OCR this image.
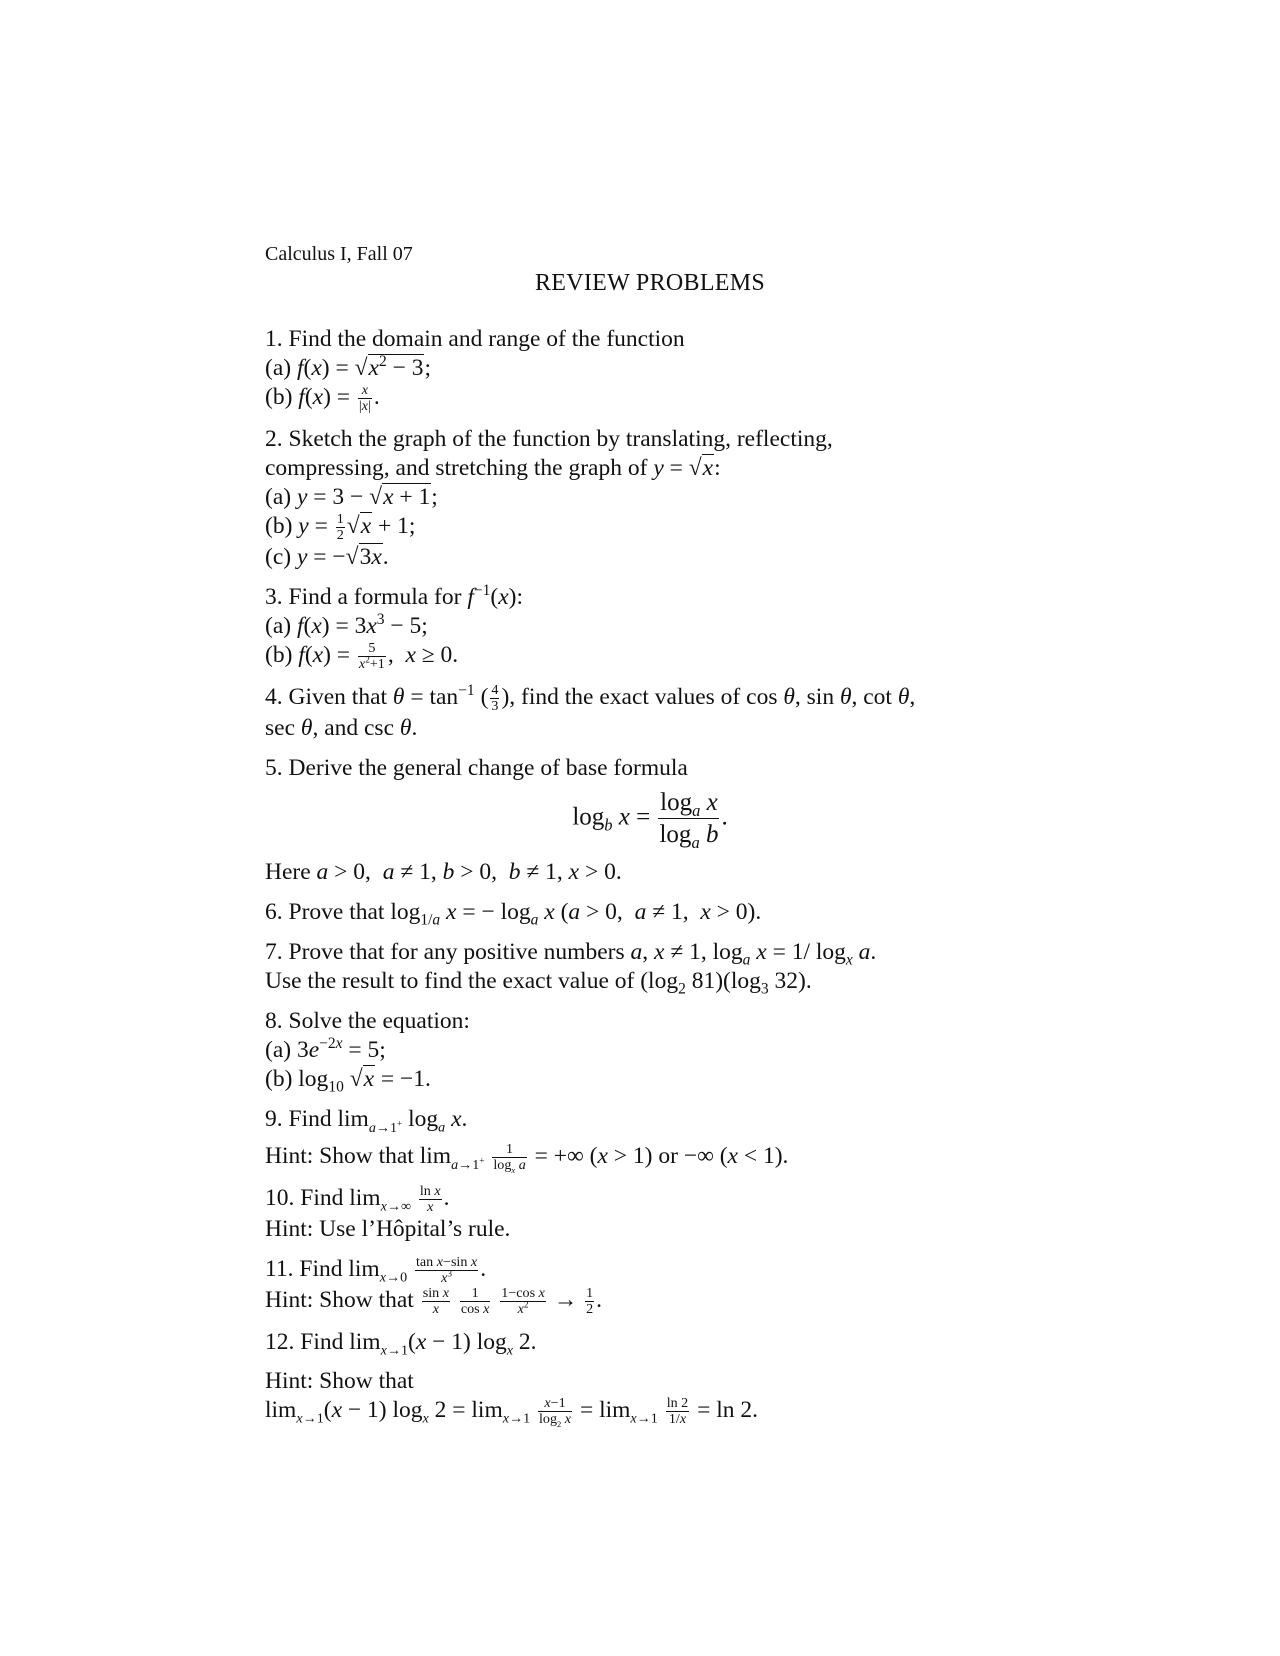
Calculus I, Fall 07
REVIEW PROBLEMS
1. Find the domain and range of the function
(a) $f(x) = √x^2 - 3$;
(b) $f(x) = \frac{x}{|x|}$ .
2. Sketch the graph of the function by translating, reflecting,
compressing, and stretching the graph of y = √x:
(a) y = 3 − √x + 1;
(b) $y = \frac{1}{2} √x + 1$;
(c) y = −√3x.
3. Find a formula for $f^{-1}(x)$:
(a) $f(x) = 3x^3 - 5$;
(b) $f(x) = \frac{5}{x^2+1}$ ,  x ≥ 0.
4. Given that $\theta = \tan^{-1}$ ( $\frac{4}{3}$ ), find the exact values of cos θ, sin θ, cot θ,
sec θ, and csc θ.
5. Derive the general change of base formula
$\log_b x = \frac{\log_a x}{\log_a b}$ .
Here a > 0,  a ≠ 1, b > 0,  b ≠ 1, x > 0.
6. Prove that $\log_{1/a} x$ = − $\log_a x$ (a > 0,  a ≠ 1,  x > 0).
7. Prove that for any positive numbers a, x ≠ 1, $\log_a x = 1/$ $\log_x a$.
Use the result to find the exact value of ($\log_2$ $81)(\log_3$ 32).
8. Solve the equation:
(a) $3e^{-2x} = 5$;
(b) $\log_{10} √x = -1$.
9. Find $\lim_{a\to 1^+} \log_a x$.
Hint: Show that $\lim_{a\to 1^+} \frac{1}{\log_x a}$ = +∞ (x > 1) or −∞ (x < 1).
10. Find $\lim_{x\to\infty} \frac{\text{ln x}}{x}$ .
Hint: Use l’Hôpital’s rule.
11. Find $\lim_{x\to 0} \frac{\text{tan x−sin x}}{x^3}$ .
Hint: Show that $\frac{\text{sin x}}{x}$
$\frac{1}{\text{cos x}}$
$\frac{\text{1−cos x}}{x^2} \to \frac{1}{2}$ .
12. Find $\lim_{x\to 1}(x - 1)$ $\log_x 2$.
Hint: Show that
$\lim_{x\to 1}(x - 1)$ $\log_x 2 = \lim_{x\to 1} \frac{x-1}{\log_2 x} = \lim_{x\to 1} \frac{\ln 2}{1/x} = \ln 2$.
